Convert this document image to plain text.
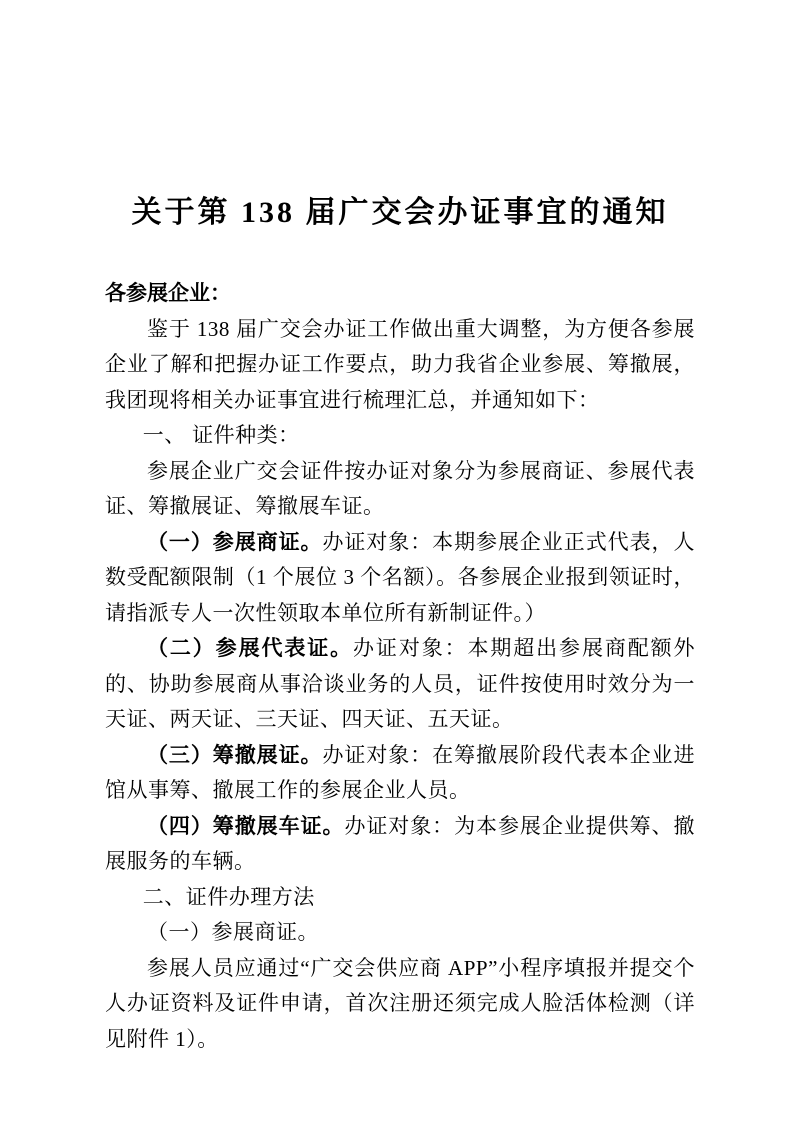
关于第 138 届广交会办证事宜的通知

各参展企业：

鉴于 138 届广交会办证工作做出重大调整，为方便各参展企业了解和把握办证工作要点，助力我省企业参展、筹撤展，我团现将相关办证事宜进行梳理汇总，并通知如下：

一、 证件种类：

参展企业广交会证件按办证对象分为参展商证、参展代表证、筹撤展证、筹撤展车证。

（一）参展商证。办证对象：本期参展企业正式代表，人数受配额限制（1 个展位 3 个名额）。各参展企业报到领证时，请指派专人一次性领取本单位所有新制证件。）

（二）参展代表证。办证对象：本期超出参展商配额外的、协助参展商从事洽谈业务的人员，证件按使用时效分为一天证、两天证、三天证、四天证、五天证。

（三）筹撤展证。办证对象：在筹撤展阶段代表本企业进馆从事筹、撤展工作的参展企业人员。

（四）筹撤展车证。办证对象：为本参展企业提供筹、撤展服务的车辆。

二、证件办理方法

（一）参展商证。

参展人员应通过“广交会供应商 APP”小程序填报并提交个人办证资料及证件申请，首次注册还须完成人脸活体检测（详见附件 1）。
